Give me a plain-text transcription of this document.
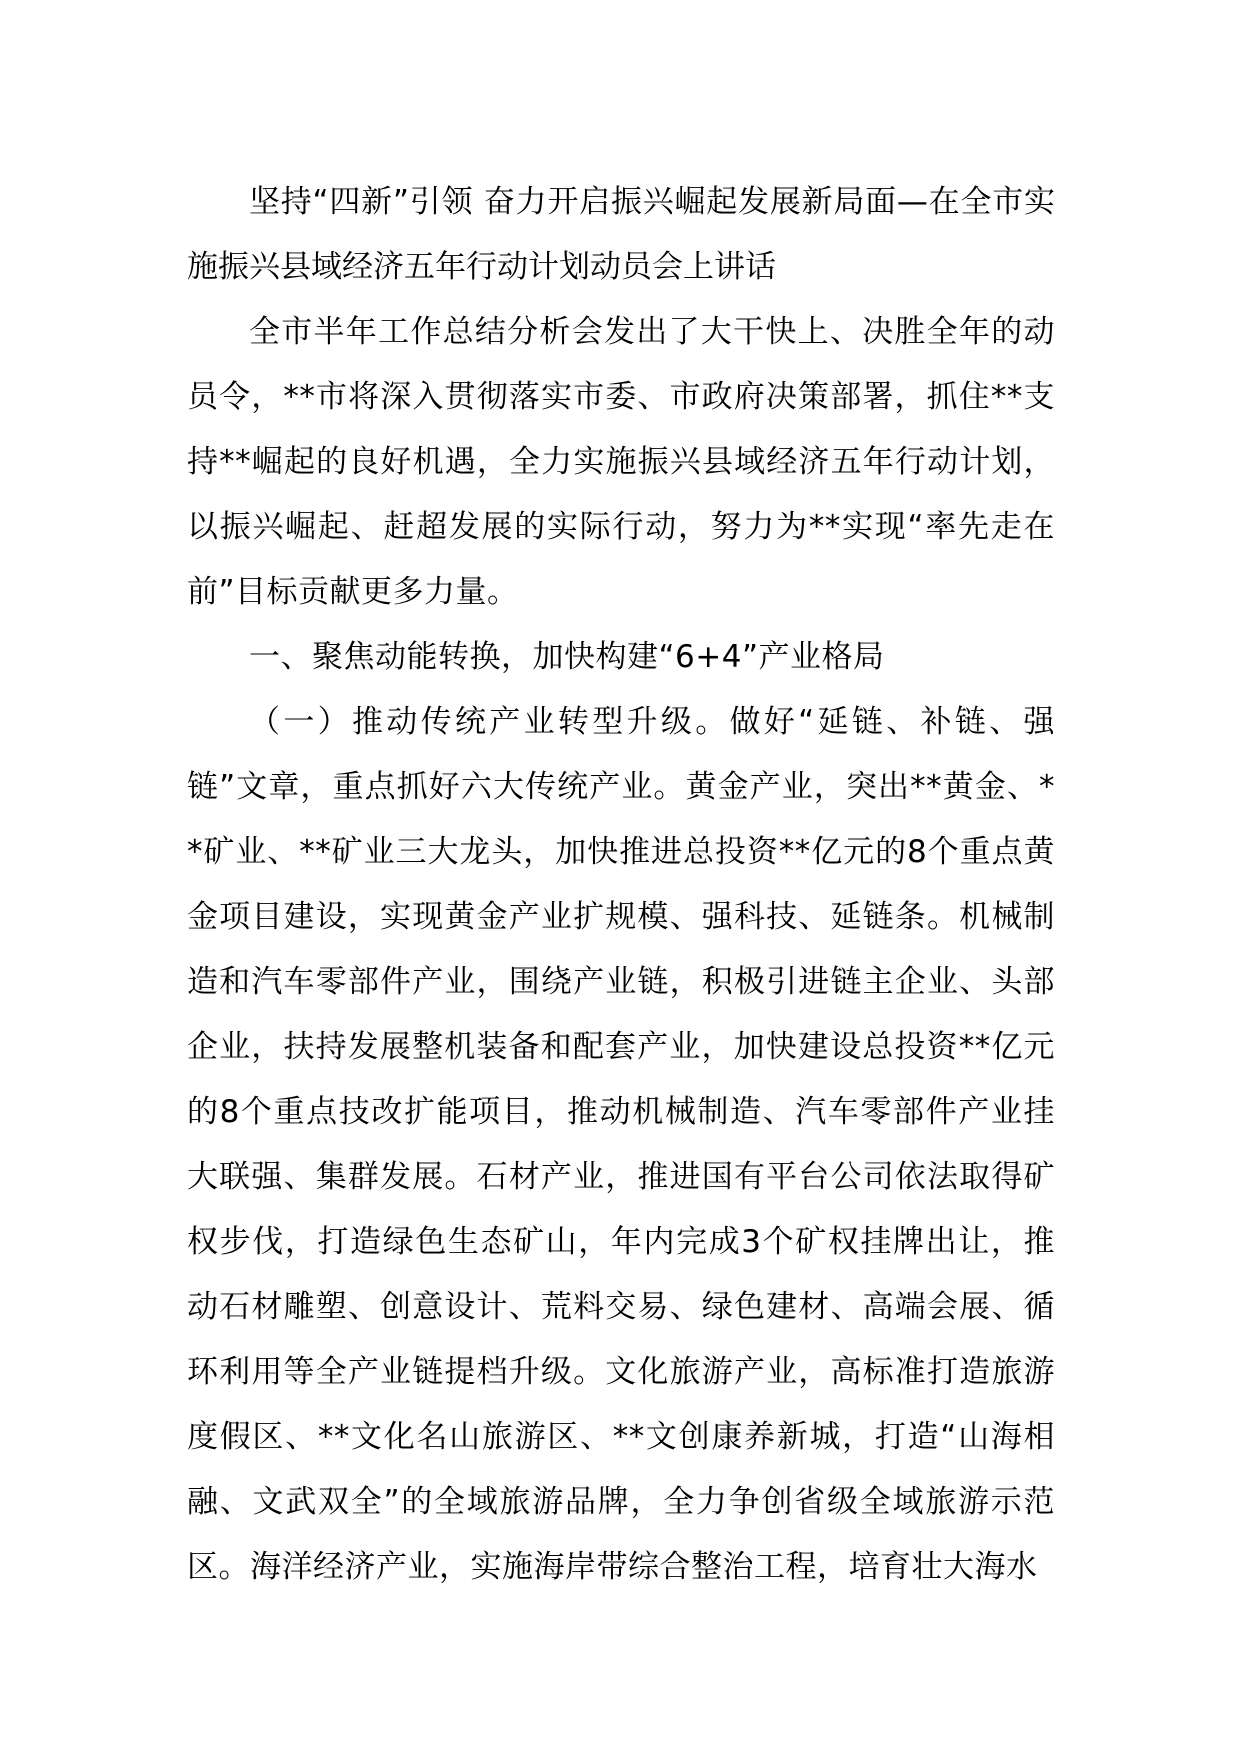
坚持“四新”引领 奋力开启振兴崛起发展新局面—在全市实施振兴县域经济五年行动计划动员会上讲话

全市半年工作总结分析会发出了大干快上、决胜全年的动员令，**市将深入贯彻落实市委、市政府决策部署，抓住**支持**崛起的良好机遇，全力实施振兴县域经济五年行动计划，以振兴崛起、赶超发展的实际行动，努力为**实现“率先走在前”目标贡献更多力量。

一、聚焦动能转换，加快构建“6+4”产业格局

（一）推动传统产业转型升级。做好“延链、补链、强链”文章，重点抓好六大传统产业。黄金产业，突出**黄金、**矿业、**矿业三大龙头，加快推进总投资**亿元的8个重点黄金项目建设，实现黄金产业扩规模、强科技、延链条。机械制造和汽车零部件产业，围绕产业链，积极引进链主企业、头部企业，扶持发展整机装备和配套产业，加快建设总投资**亿元的8个重点技改扩能项目，推动机械制造、汽车零部件产业挂大联强、集群发展。石材产业，推进国有平台公司依法取得矿权步伐，打造绿色生态矿山，年内完成3个矿权挂牌出让，推动石材雕塑、创意设计、荒料交易、绿色建材、高端会展、循环利用等全产业链提档升级。文化旅游产业，高标准打造旅游度假区、**文化名山旅游区、**文创康养新城，打造“山海相融、文武双全”的全域旅游品牌，全力争创省级全域旅游示范区。海洋经济产业，实施海岸带综合整治工程，培育壮大海水
